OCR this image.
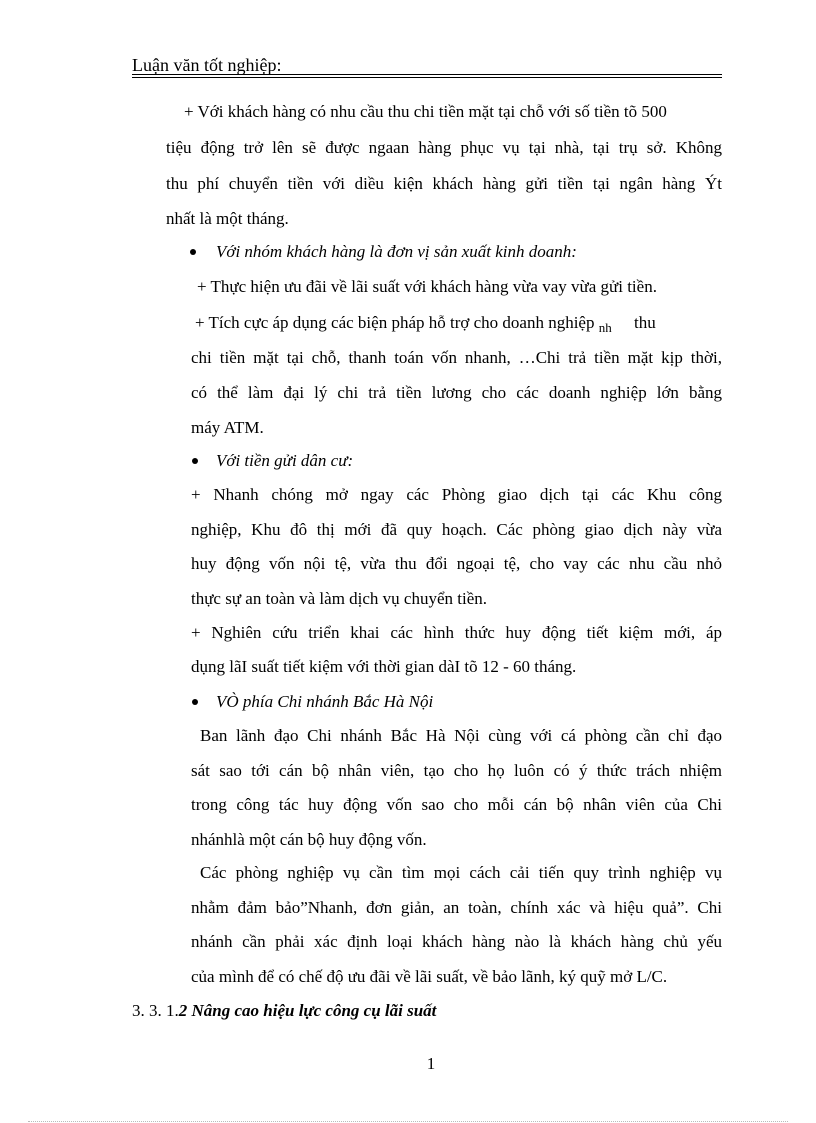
Luận văn tốt nghiệp:
+ Với khách hàng có nhu cầu thu chi tiền mặt tại chỗ với số tiền tõ 500
tiệu động trở lên sẽ được ngaan hàng phục vụ tại nhà, tại trụ sở. Không
thu phí chuyển tiền với diều kiện khách hàng gửi tiền tại ngân hàng Ýt
nhất là một tháng.
Với nhóm khách hàng là đơn vị sản xuất kinh doanh:
+ Thực hiện ưu đãi về lãi suất với khách hàng vừa vay vừa gửi tiền.
+ Tích cực áp dụng các biện pháp hỗ trợ cho doanh nghiệp $_{nh}$ thu
chi tiền mặt tại chỗ, thanh toán vốn nhanh, …Chi trả tiền mặt kịp thời,
có thể làm đại lý chi trả tiền lương cho các doanh nghiệp lớn bằng
máy ATM.
Với tiền gửi dân cư:
+ Nhanh chóng mở ngay các Phòng giao dịch tại các Khu công
nghiệp, Khu đô thị mới đã quy hoạch. Các phòng giao dịch này vừa
huy động vốn nội tệ, vừa thu đổi ngoại tệ, cho vay các nhu cầu nhỏ
thực sự an toàn và làm dịch vụ chuyển tiền.
+ Nghiên cứu triển khai các hình thức huy động tiết kiệm mới, áp
dụng lãI suất tiết kiệm với thời gian dàI tõ 12 - 60 tháng.
VÒ phía Chi nhánh Bắc Hà Nội
Ban lãnh đạo Chi nhánh Bắc Hà Nội cùng với cá phòng cần chỉ đạo
sát sao tới cán bộ nhân viên, tạo cho họ luôn có ý thức trách nhiệm
trong công tác huy động vốn sao cho mỗi cán bộ nhân viên của Chi
nhánhlà một cán bộ huy động vốn.
Các phòng nghiệp vụ cần tìm mọi cách cải tiến quy trình nghiệp vụ
nhằm đảm bảo”Nhanh, đơn giản, an toàn, chính xác và hiệu quả”. Chi
nhánh cần phải xác định loại khách hàng nào là khách hàng chủ yếu
của mình để có chế độ ưu đãi về lãi suất, về bảo lãnh, ký quỹ mở L/C.
3. 3. 1.2 Nâng cao hiệu lực công cụ lãi suất
1
